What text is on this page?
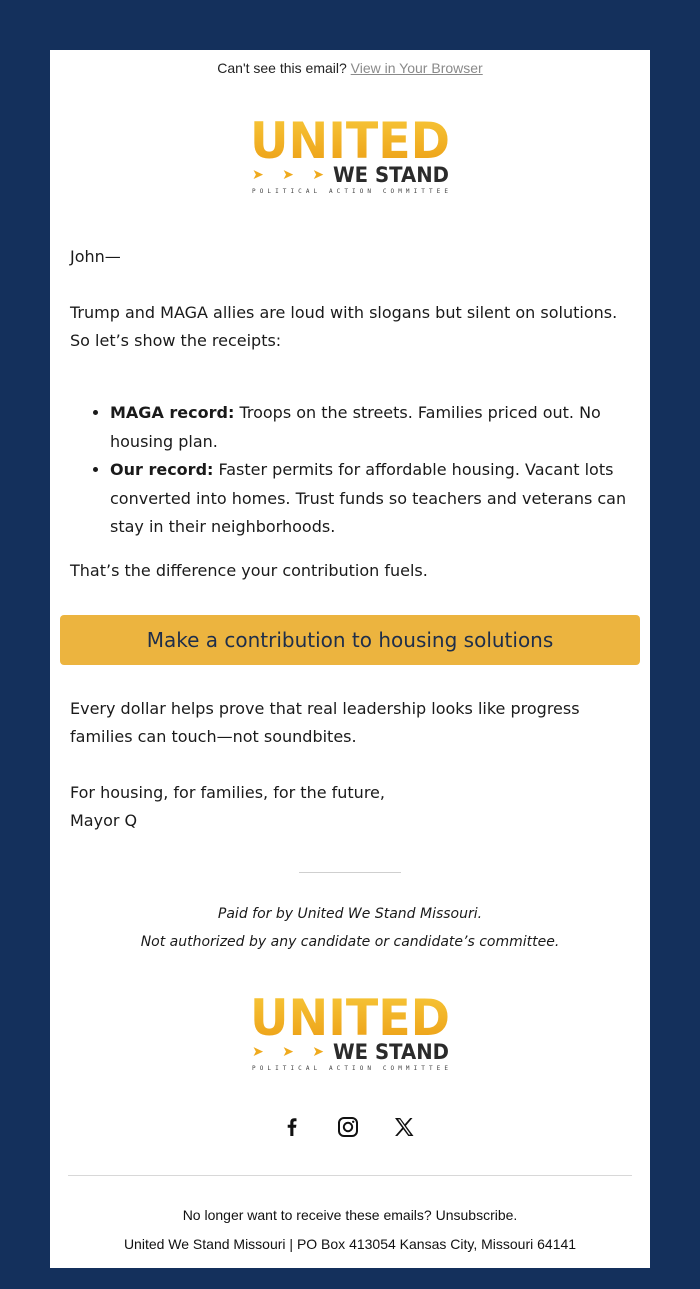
Can't see this email? View in Your Browser
UNITED
➤ ➤ ➤ WE STAND
POLITICAL ACTION COMMITTEE
John—
Trump and MAGA allies are loud with slogans but silent on solutions. So let’s show the receipts:
• MAGA record: Troops on the streets. Families priced out. No housing plan.
• Our record: Faster permits for affordable housing. Vacant lots converted into homes. Trust funds so teachers and veterans can stay in their neighborhoods.
That’s the difference your contribution fuels.
Make a contribution to housing solutions
Every dollar helps prove that real leadership looks like progress families can touch—not soundbites.
For housing, for families, for the future,
Mayor Q
Paid for by United We Stand Missouri.
Not authorized by any candidate or candidate’s committee.
UNITED
➤ ➤ ➤ WE STAND
POLITICAL ACTION COMMITTEE
No longer want to receive these emails? Unsubscribe.
United We Stand Missouri | PO Box 413054 Kansas City, Missouri 64141
